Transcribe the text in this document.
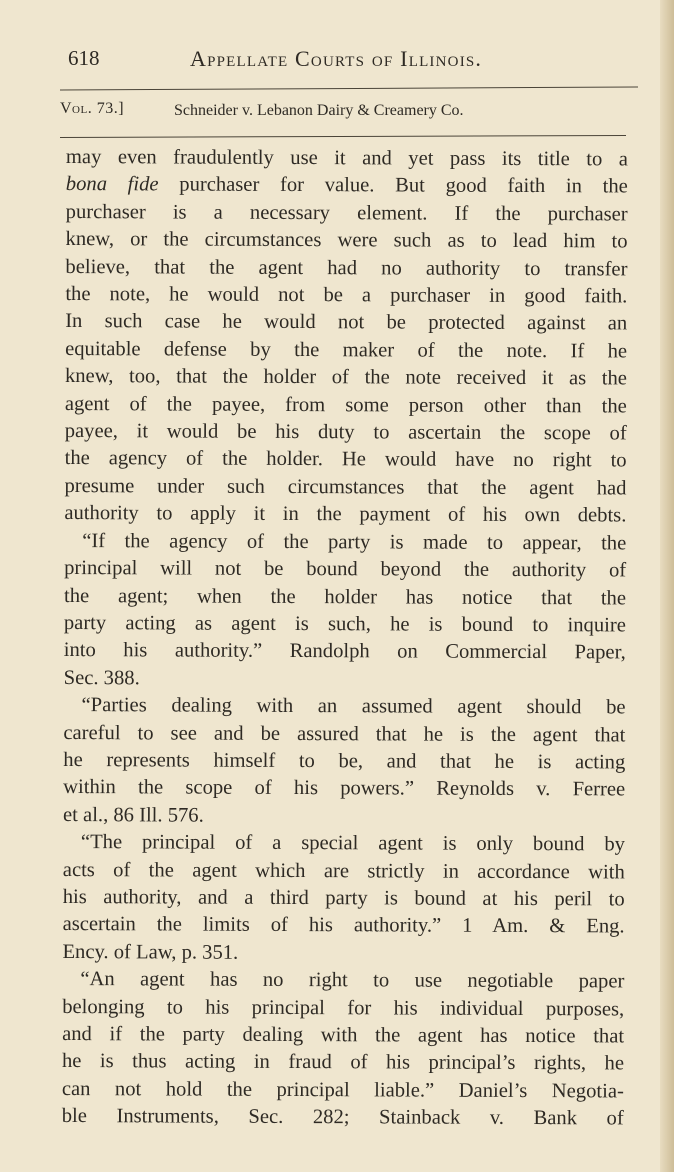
618	Appellate Courts of Illinois.
Vol. 73.]	Schneider v. Lebanon Dairy & Creamery Co.
may even fraudulently use it and yet pass its title to a
bona fide purchaser for value. But good faith in the
purchaser is a necessary element. If the purchaser
knew, or the circumstances were such as to lead him to
believe, that the agent had no authority to transfer
the note, he would not be a purchaser in good faith.
In such case he would not be protected against an
equitable defense by the maker of the note. If he
knew, too, that the holder of the note received it as the
agent of the payee, from some person other than the
payee, it would be his duty to ascertain the scope of
the agency of the holder. He would have no right to
presume under such circumstances that the agent had
authority to apply it in the payment of his own debts.
“If the agency of the party is made to appear, the
principal will not be bound beyond the authority of
the agent; when the holder has notice that the
party acting as agent is such, he is bound to inquire
into his authority.” Randolph on Commercial Paper,
Sec. 388.
“Parties dealing with an assumed agent should be
careful to see and be assured that he is the agent that
he represents himself to be, and that he is acting
within the scope of his powers.” Reynolds v. Ferree
et al., 86 Ill. 576.
“The principal of a special agent is only bound by
acts of the agent which are strictly in accordance with
his authority, and a third party is bound at his peril to
ascertain the limits of his authority.” 1 Am. & Eng.
Ency. of Law, p. 351.
“An agent has no right to use negotiable paper
belonging to his principal for his individual purposes,
and if the party dealing with the agent has notice that
he is thus acting in fraud of his principal’s rights, he
can not hold the principal liable.” Daniel’s Negotia-
ble Instruments, Sec. 282; Stainback v. Bank of
